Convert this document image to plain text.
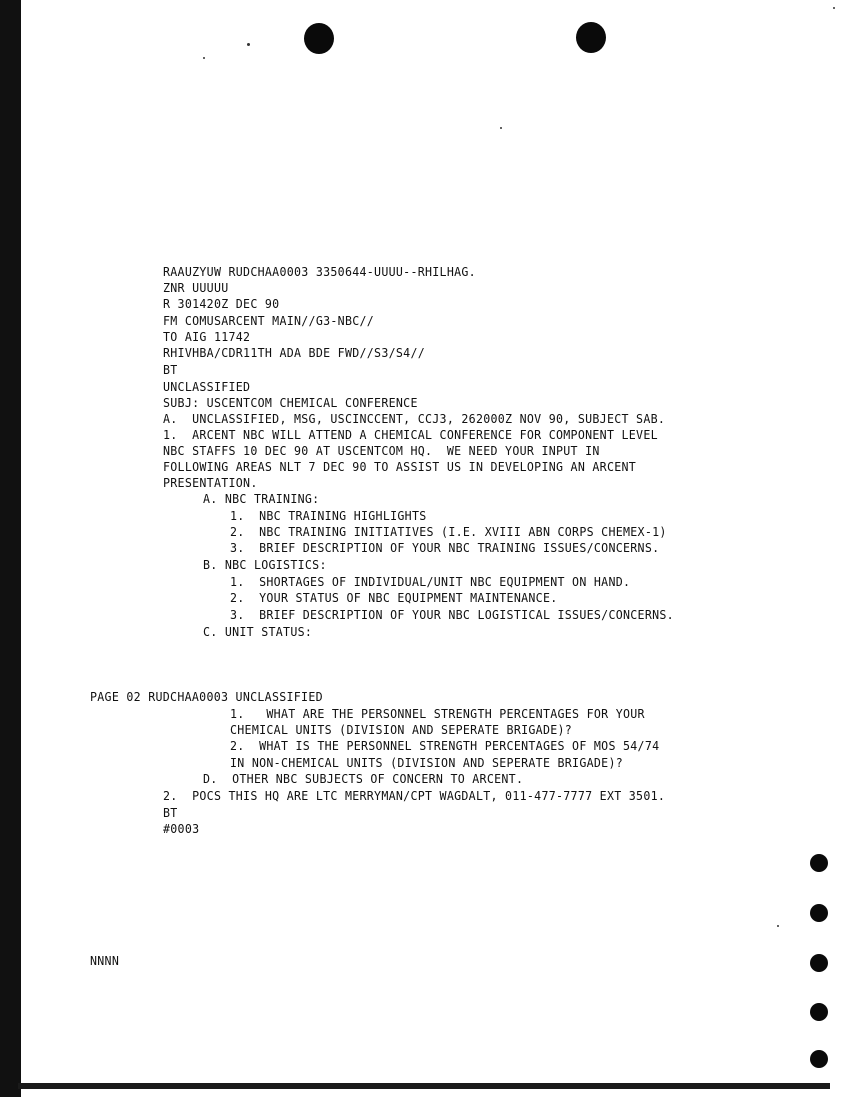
RAAUZYUW RUDCHAA0003 3350644-UUUU--RHILHAG.
ZNR UUUUU
R 301420Z DEC 90
FM COMUSARCENT MAIN//G3-NBC//
TO AIG 11742
RHIVHBA/CDR11TH ADA BDE FWD//S3/S4//
BT
UNCLASSIFIED
SUBJ: USCENTCOM CHEMICAL CONFERENCE
A.  UNCLASSIFIED, MSG, USCINCCENT, CCJ3, 262000Z NOV 90, SUBJECT SAB.
1.  ARCENT NBC WILL ATTEND A CHEMICAL CONFERENCE FOR COMPONENT LEVEL
NBC STAFFS 10 DEC 90 AT USCENTCOM HQ.  WE NEED YOUR INPUT IN
FOLLOWING AREAS NLT 7 DEC 90 TO ASSIST US IN DEVELOPING AN ARCENT
PRESENTATION.
A. NBC TRAINING:
1.  NBC TRAINING HIGHLIGHTS
2.  NBC TRAINING INITIATIVES (I.E. XVIII ABN CORPS CHEMEX-1)
3.  BRIEF DESCRIPTION OF YOUR NBC TRAINING ISSUES/CONCERNS.
B. NBC LOGISTICS:
1.  SHORTAGES OF INDIVIDUAL/UNIT NBC EQUIPMENT ON HAND.
2.  YOUR STATUS OF NBC EQUIPMENT MAINTENANCE.
3.  BRIEF DESCRIPTION OF YOUR NBC LOGISTICAL ISSUES/CONCERNS.
C. UNIT STATUS:
PAGE 02 RUDCHAA0003 UNCLASSIFIED
1.   WHAT ARE THE PERSONNEL STRENGTH PERCENTAGES FOR YOUR
CHEMICAL UNITS (DIVISION AND SEPERATE BRIGADE)?
2.  WHAT IS THE PERSONNEL STRENGTH PERCENTAGES OF MOS 54/74
IN NON-CHEMICAL UNITS (DIVISION AND SEPERATE BRIGADE)?
D.  OTHER NBC SUBJECTS OF CONCERN TO ARCENT.
2.  POCS THIS HQ ARE LTC MERRYMAN/CPT WAGDALT, 011-477-7777 EXT 3501.
BT
#0003
NNNN
